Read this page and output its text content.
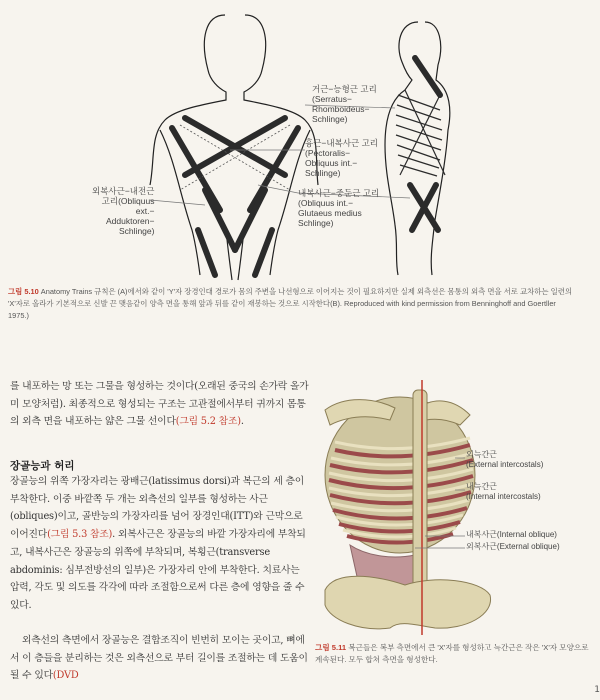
거근−능형근 고리
(Serratus−
Rhomboideus−
Schlinge)
흉근−내복사근 고리
(Pectoralis−
Obliquus int.−
Schlinge)
내복사근−중둔근 고리
(Obliquus int.−
Glutaeus medius
Schlinge)
외복사근−내전근
고리(Obliquus
ext.−
Adduktoren−
Schlinge)
그림 5.10 Anatomy Trains 규칙은 (A)에서와 같이 'Y'자 장경인대 경로가 몸의 주변을 나선형으로 이어지는 것이 필요하지만 실제 외측선은 몸통의 외측 면을 서로 교차하는 일련의 'X'자로 올라가 기본적으로 신발 끈 맺음같이 양측 면을 통해 앞과 뒤를 같이 재봉하는 것으로 시작한다(B). Reproduced with kind permission from Benninghoff and Goertller 1975.)
를 내포하는 망 또는 그물을 형성하는 것이다(오래된 중국의 손가락 올가미 모양처럼). 최종적으로 형성되는 구조는 고관절에서부터 귀까지 몸통의 외측 면을 내포하는 얇은 그물 선이다(그림 5.2 참조).
장골능과 허리
장골능의 위쪽 가장자리는 광배근(latissimus dorsi)과 복근의 세 층이 부착한다. 이중 바깥쪽 두 개는 외측선의 일부를 형성하는 사근(obliques)이고, 골반능의 가장자리를 넘어 장경인대(ITT)와 근막으로 이어진다(그림 5.3 참조). 외복사근은 장골능의 바깥 가장자리에 부착되고, 내복사근은 장골능의 위쪽에 부착되며, 복횡근(transverse abdominis: 심부전방선의 일부)은 가장자리 안에 부착한다. 치료사는 압력, 각도 및 의도를 각각에 따라 조절함으로써 다른 층에 영향을 줄 수 있다.
외측선의 측면에서 장골능은 결합조직이 빈번히 모이는 곳이고, 뼈에서 이 층들을 분리하는 것은 외측선으로 부터 길이를 조절하는 데 도움이 될 수 있다(DVD
외늑간근
(External intercostals)
내늑간근
(Internal intercostals)
내복사근(Internal oblique)
외복사근(External oblique)
그림 5.11 복근들은 복부 측면에서 큰 'X'자를 형성하고 늑간근은 작은 'X'자 모양으로 계속된다. 모두 합쳐 측면을 형성한다.
1
